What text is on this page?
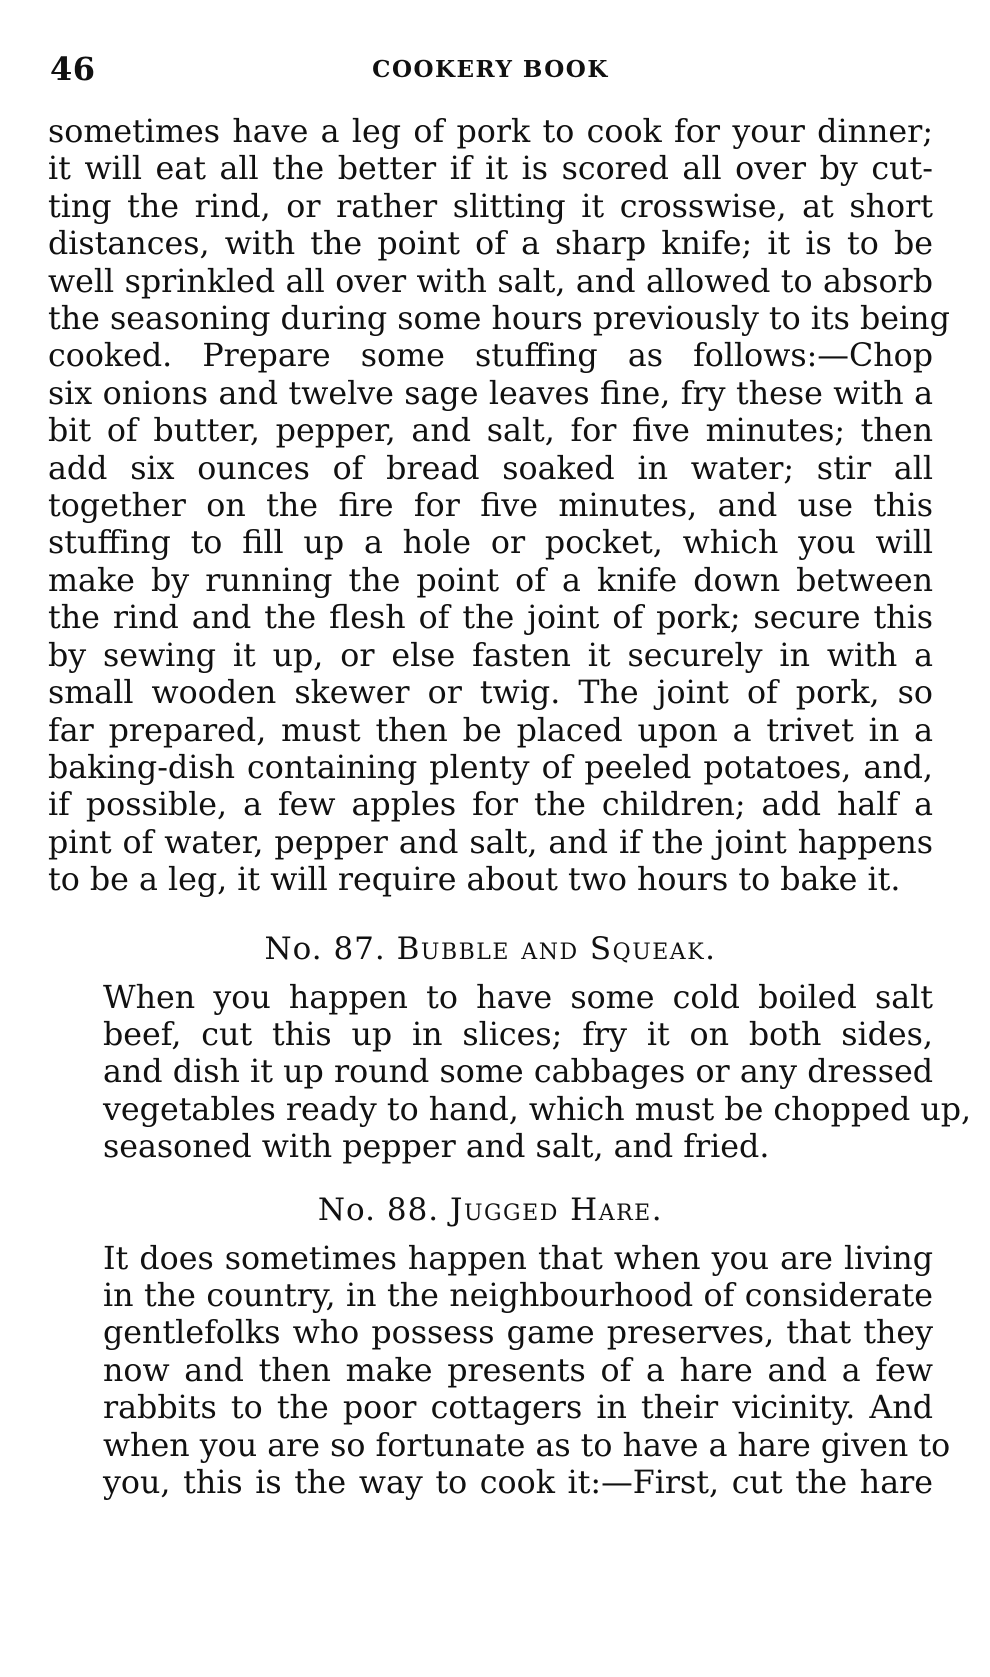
46	COOKERY BOOK
sometimes have a leg of pork to cook for your dinner;
it will eat all the better if it is scored all over by cut-
ting the rind, or rather slitting it crosswise, at short
distances, with the point of a sharp knife; it is to be
well sprinkled all over with salt, and allowed to absorb
the seasoning during some hours previously to its being
cooked. Prepare some stuffing as follows:—Chop
six onions and twelve sage leaves fine, fry these with a
bit of butter, pepper, and salt, for five minutes; then
add six ounces of bread soaked in water; stir all
together on the fire for five minutes, and use this
stuffing to fill up a hole or pocket, which you will
make by running the point of a knife down between
the rind and the flesh of the joint of pork; secure this
by sewing it up, or else fasten it securely in with a
small wooden skewer or twig. The joint of pork, so
far prepared, must then be placed upon a trivet in a
baking-dish containing plenty of peeled potatoes, and,
if possible, a few apples for the children; add half a
pint of water, pepper and salt, and if the joint happens
to be a leg, it will require about two hours to bake it.
No. 87. Bubble and Squeak.
When you happen to have some cold boiled salt
beef, cut this up in slices; fry it on both sides,
and dish it up round some cabbages or any dressed
vegetables ready to hand, which must be chopped up,
seasoned with pepper and salt, and fried.
No. 88. Jugged Hare.
It does sometimes happen that when you are living
in the country, in the neighbourhood of considerate
gentlefolks who possess game preserves, that they
now and then make presents of a hare and a few
rabbits to the poor cottagers in their vicinity. And
when you are so fortunate as to have a hare given to
you, this is the way to cook it:—First, cut the hare
